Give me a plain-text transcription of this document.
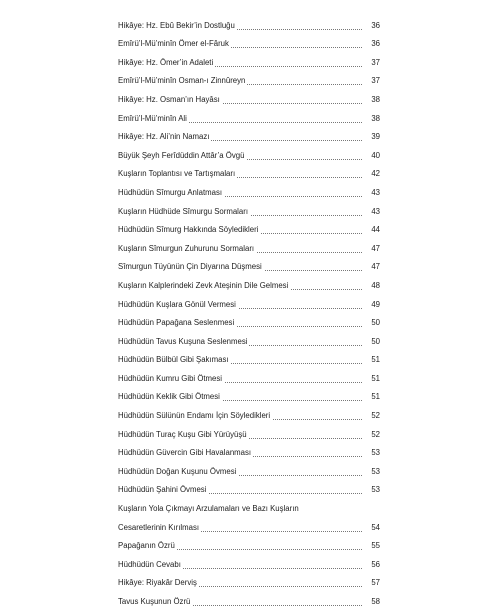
Hikâye: Hz. Ebû Bekir’in Dostluğu	36
Emîrü’l-Mü’minîn Ömer el-Fâruk	36
Hikâye: Hz. Ömer’in Adaleti	37
Emîrü’l-Mü’minîn Osman-ı Zinnûreyn	37
Hikâye: Hz. Osman’ın Hayâsı	38
Emîrü’l-Mü’minîn Ali	38
Hikâye: Hz. Ali’nin Namazı	39
Büyük Şeyh Ferîdüddin Attâr’a Övgü	40
Kuşların Toplantısı ve Tartışmaları	42
Hüdhüdün Sîmurgu Anlatması	43
Kuşların Hüdhüde Sîmurgu Sormaları	43
Hüdhüdün Sîmurg Hakkında Söyledikleri	44
Kuşların Sîmurgun Zuhurunu Sormaları	47
Sîmurgun Tüyünün Çin Diyarına Düşmesi	47
Kuşların Kalplerindeki Zevk Ateşinin Dile Gelmesi	48
Hüdhüdün Kuşlara Gönül Vermesi	49
Hüdhüdün Papağana Seslenmesi	50
Hüdhüdün Tavus Kuşuna Seslenmesi	50
Hüdhüdün Bülbül Gibi Şakıması	51
Hüdhüdün Kumru Gibi Ötmesi	51
Hüdhüdün Keklik Gibi Ötmesi	51
Hüdhüdün Sülünün Endamı İçin Söyledikleri	52
Hüdhüdün Turaç Kuşu Gibi Yürüyüşü	52
Hüdhüdün Güvercin Gibi Havalanması	53
Hüdhüdün Doğan Kuşunu Övmesi	53
Hüdhüdün Şahini Övmesi	53
Kuşların Yola Çıkmayı Arzulamaları ve Bazı Kuşların
Cesaretlerinin Kırılması	54
Papağanın Özrü	55
Hüdhüdün Cevabı	56
Hikâye: Riyakâr Derviş	57
Tavus Kuşunun Özrü	58
